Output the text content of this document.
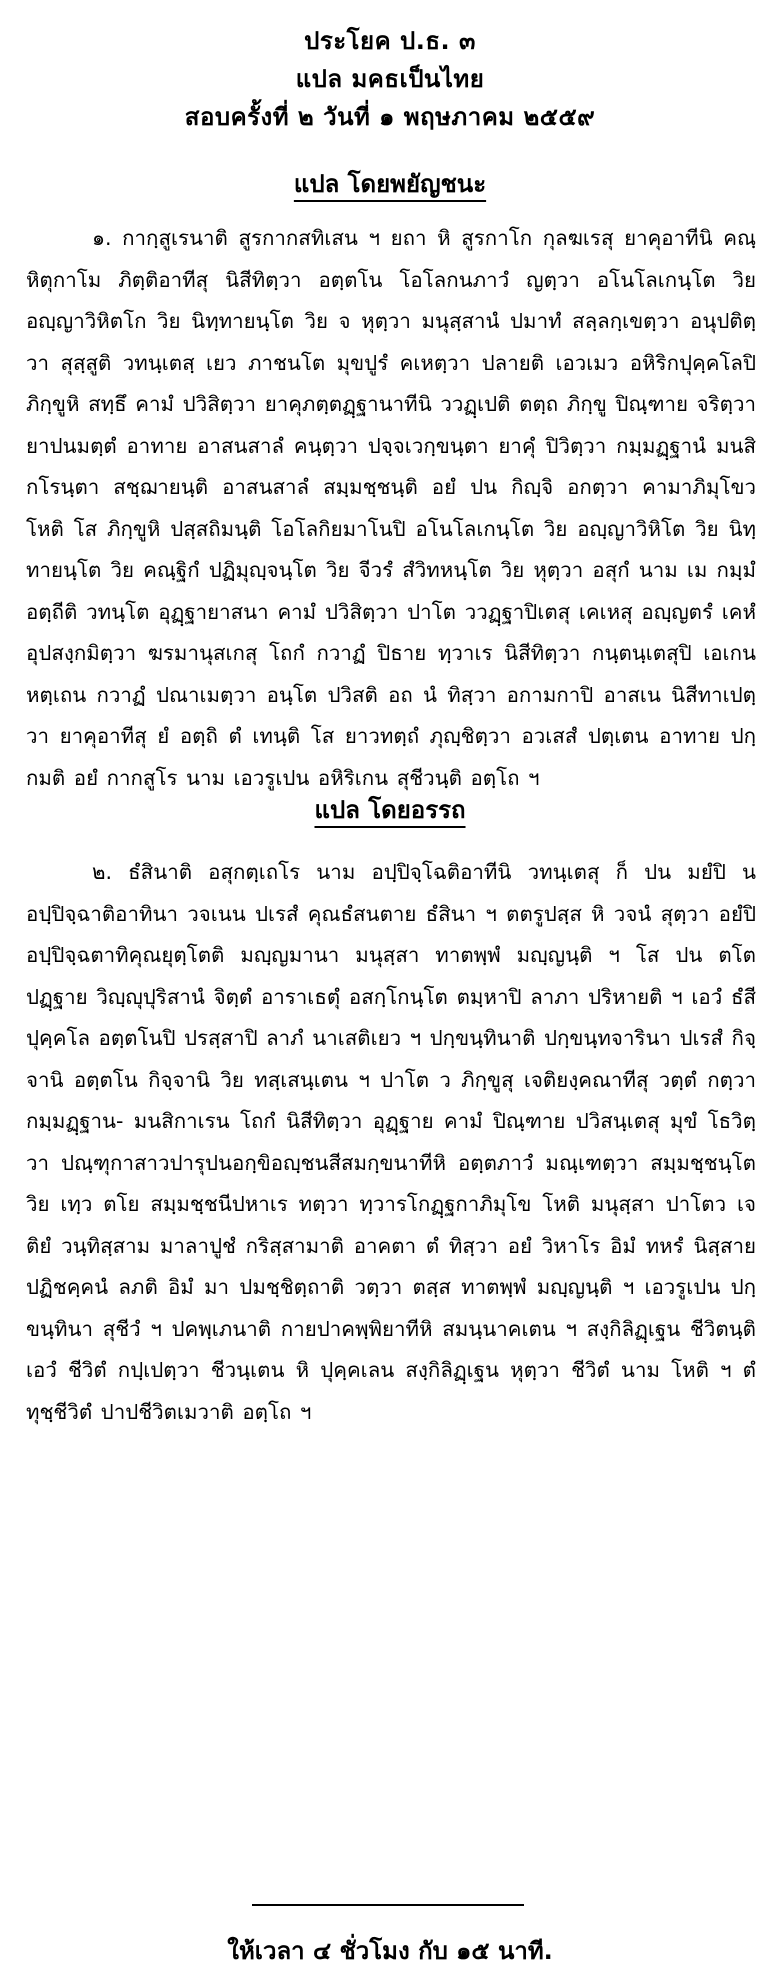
ประโยค ป.ธ. ๓
แปล มคธเป็นไทย
สอบครั้งที่ ๒ วันที่ ๑ พฤษภาคม ๒๕๕๙
แปล โดยพยัญชนะ

๑. กากฺสูเรนาติ สูรกากสทิเสน ฯ ยถา หิ สูรกาโก กุลฆเรสุ ยาคุอาทีนิ คณฺหิตุกาโม ภิตฺติอาทีสุ นิสีทิตฺวา อตฺตโน โอโลกนภาวํ ญตฺวา อโนโลเกนฺโต วิย อญฺญาวิหิตโก วิย นิทฺทายนฺโต วิย จ หุตฺวา มนุสฺสานํ ปมาทํ สลฺลกฺเขตฺวา อนุปติตฺวา สุสฺสูติ วทนฺเตสฺ เยว ภาชนโต มุขปูรํ คเหตฺวา ปลายติ เอวเมว อหิริกปุคฺคโลปิ ภิกฺขูหิ สทฺธึ คามํ ปวิสิตฺวา ยาคุภตฺตฏฺฐานาทีนิ ววฏฺเปติ ตตฺถ ภิกฺขู ปิณฺฑาย จริตฺวา ยาปนมตฺตํ อาทาย อาสนสาลํ คนฺตฺวา ปจฺจเวกฺขนฺตา ยาคุํ ปิวิตฺวา กมฺมฏฺฐานํ มนสิกโรนฺตา สชฺฌายนฺติ อาสนสาลํ สมฺมชฺชนฺติ อยํ ปน กิญฺจิ อกตฺวา คามาภิมุโขว โหติ โส ภิกฺขูหิ ปสฺสถิมนฺติ โอโลกิยมาโนปิ อโนโลเกนฺโต วิย อญฺญาวิหิโต วิย นิทฺทายนฺโต วิย คณฺฐิกํ ปฏิมุญฺจนฺโต วิย จีวรํ สํวิทหนฺโต วิย หุตฺวา อสุกํ นาม เม กมฺมํ อตฺถีติ วทนฺโต อุฏฺฐายาสนา คามํ ปวิสิตฺวา ปาโต ววฏฺฐาปิเตสุ เคเหสุ อญฺญตรํ เคหํ อุปสงฺกมิตฺวา ฆรมานุสเกสุ โถกํ กวาฏํ ปิธาย ทฺวาเร นิสีทิตฺวา กนฺตนฺเตสุปิ เอเกน หตฺเถน กวาฏํ ปณาเมตฺวา อนฺโต ปวิสติ อถ นํ ทิสฺวา อกามกาปิ อาสเน นิสีทาเปตฺวา ยาคุอาทีสุ ยํ อตฺถิ ตํ เทนฺติ โส ยาวทตฺถํ ภุญฺชิตฺวา อวเสสํ ปตฺเตน อาทาย ปกฺกมติ อยํ กากสูโร นาม เอวรูเปน อหิริเกน สุชีวนฺติ อตฺโถ ฯ

แปล โดยอรรถ

๒. ธํสินาติ อสุกตฺเถโร นาม อปฺปิจฺโฉติอาทีนิ วทนฺเตสุ ก็ ปน มยํปิ น อปฺปิจฺฉาติอาทินา วจเนน ปเรสํ คุณธํสนตาย ธํสินา ฯ ตตรูปสฺส หิ วจนํ สุตฺวา อยํปิ อปฺปิจฺฉตาทิคุณยุตฺโตติ มญฺญมานา มนุสฺสา ทาตพฺพํ มญฺญนฺติ ฯ โส ปน ตโต ปฏฺฐาย วิญฺญุปุริสานํ จิตฺตํ อาราเธตุํ อสกฺโกนฺโต ตมฺหาปิ ลาภา ปริหายติ ฯ เอวํ ธํสี ปุคฺคโล อตฺตโนปิ ปรสฺสาปิ ลาภํ นาเสติเยว ฯ ปกฺขนฺทินาติ ปกฺขนฺทจารินา ปเรสํ กิจฺจานิ อตฺตโน กิจฺจานิ วิย ทสฺเสนฺเตน ฯ ปาโต ว ภิกฺขูสุ เจติยงฺคณาทีสุ วตฺตํ กตฺวา กมฺมฏฺฐาน- มนสิกาเรน โถกํ นิสีทิตฺวา อุฏฺฐาย คามํ ปิณฺฑาย ปวิสนฺเตสุ มุขํ โธวิตฺวา ปณฺฑุกาสาวปารุปนอกฺขิอญฺชนสีสมกฺขนาทีหิ อตฺตภาวํ มณฺเฑตฺวา สมฺมชฺชนฺโต วิย เทฺว ตโย สมฺมชฺชนีปหาเร ทตฺวา ทฺวารโกฏฺฐกาภิมุโข โหติ มนุสฺสา ปาโตว เจติยํ วนฺทิสฺสาม มาลาปูชํ กริสฺสามาติ อาคตา ตํ ทิสฺวา อยํ วิหาโร อิมํ ทหรํ นิสฺสาย ปฏิชคฺคนํ ลภติ อิมํ มา ปมชฺชิตฺถาติ วตฺวา ตสฺส ทาตพฺพํ มญฺญนฺติ ฯ เอวรูเปน ปกฺขนฺทินา สุชีวํ ฯ ปคพฺเภนาติ กายปาคพฺพิยาทีหิ สมนฺนาคเตน ฯ สงฺกิลิฏฺเฐน ชีวิตนฺติ เอวํ ชีวิตํ กปฺเปตฺวา ชีวนฺเตน หิ ปุคฺคเลน สงฺกิลิฏฺเฐน หุตฺวา ชีวิตํ นาม โหติ ฯ ตํ ทุชฺชีวิตํ ปาปชีวิตเมวาติ อตฺโถ ฯ

ให้เวลา ๔ ชั่วโมง กับ ๑๕ นาที.
